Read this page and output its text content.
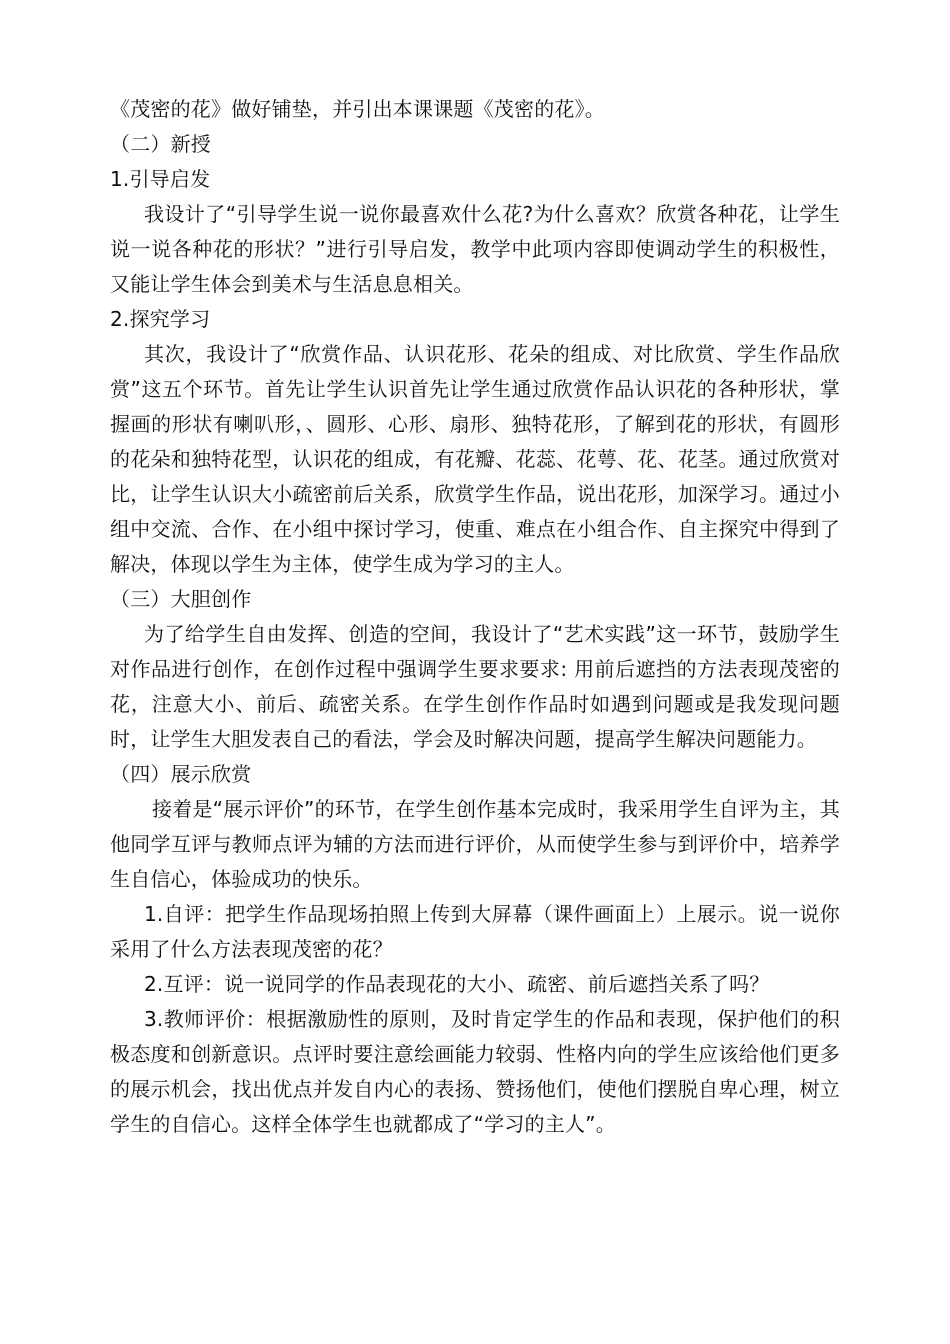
《茂密的花》做好铺垫，并引出本课课题《茂密的花》。

（二）新授

1.引导启发

我设计了“引导学生说一说你最喜欢什么花?为什么喜欢？欣赏各种花，让学生说一说各种花的形状？”进行引导启发，教学中此项内容即使调动学生的积极性，又能让学生体会到美术与生活息息相关。

2.探究学习

其次，我设计了“欣赏作品、认识花形、花朵的组成、对比欣赏、学生作品欣赏”这五个环节。首先让学生认识首先让学生通过欣赏作品认识花的各种形状，掌握画的形状有喇叭形，、圆形、心形、扇形、独特花形，了解到花的形状，有圆形的花朵和独特花型，认识花的组成，有花瓣、花蕊、花萼、花、花茎。通过欣赏对比，让学生认识大小疏密前后关系，欣赏学生作品，说出花形，加深学习。通过小组中交流、合作、在小组中探讨学习，使重、难点在小组合作、自主探究中得到了解决，体现以学生为主体，使学生成为学习的主人。

（三）大胆创作

为了给学生自由发挥、创造的空间，我设计了“艺术实践”这一环节，鼓励学生对作品进行创作，在创作过程中强调学生要求要求: 用前后遮挡的方法表现茂密的花，注意大小、前后、疏密关系。在学生创作作品时如遇到问题或是我发现问题时，让学生大胆发表自己的看法，学会及时解决问题，提高学生解决问题能力。

（四）展示欣赏

接着是“展示评价”的环节，在学生创作基本完成时，我采用学生自评为主，其他同学互评与教师点评为辅的方法而进行评价，从而使学生参与到评价中，培养学生自信心，体验成功的快乐。

1.自评：把学生作品现场拍照上传到大屏幕（课件画面上）上展示。说一说你采用了什么方法表现茂密的花？

2.互评：说一说同学的作品表现花的大小、疏密、前后遮挡关系了吗？

3.教师评价：根据激励性的原则，及时肯定学生的作品和表现，保护他们的积极态度和创新意识。点评时要注意绘画能力较弱、性格内向的学生应该给他们更多的展示机会，找出优点并发自内心的表扬、赞扬他们，使他们摆脱自卑心理，树立学生的自信心。这样全体学生也就都成了“学习的主人”。
